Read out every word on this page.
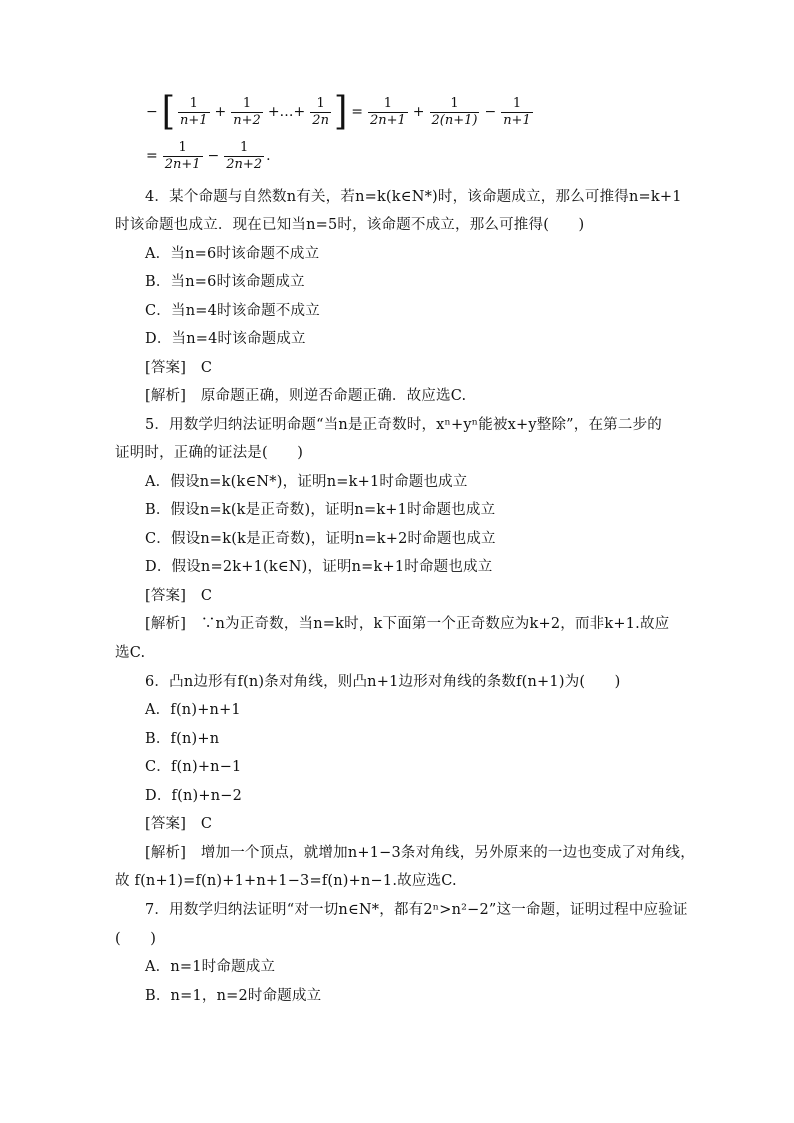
− [ $\frac{1}{n+1} + \frac{1}{n+2}$ +…+ $\frac{1}{2n}$ ] = $\frac{1}{2n+1} + \frac{1}{2(n+1)} - \frac{1}{n+1}$
= $\frac{1}{2n+1} - \frac{1}{2n+2}$ .
4．某个命题与自然数n有关，若n=k(k∈N*)时，该命题成立，那么可推得n=k+1
时该命题也成立．现在已知当n=5时，该命题不成立，那么可推得(　　)
A．当n=6时该命题不成立
B．当n=6时该命题成立
C．当n=4时该命题不成立
D．当n=4时该命题成立
[答案]　C
[解析]　原命题正确，则逆否命题正确．故应选C.
5．用数学归纳法证明命题“当n是正奇数时，xⁿ+yⁿ能被x+y整除”，在第二步的
证明时，正确的证法是(　　)
A．假设n=k(k∈N*)，证明n=k+1时命题也成立
B．假设n=k(k是正奇数)，证明n=k+1时命题也成立
C．假设n=k(k是正奇数)，证明n=k+2时命题也成立
D．假设n=2k+1(k∈N)，证明n=k+1时命题也成立
[答案]　C
[解析]　∵n为正奇数，当n=k时，k下面第一个正奇数应为k+2，而非k+1.故应
选C.
6．凸n边形有f(n)条对角线，则凸n+1边形对角线的条数f(n+1)为(　　)
A．f(n)+n+1
B．f(n)+n
C．f(n)+n−1
D．f(n)+n−2
[答案]　C
[解析]　增加一个顶点，就增加n+1−3条对角线，另外原来的一边也变成了对角线，
故 f(n+1)=f(n)+1+n+1−3=f(n)+n−1.故应选C.
7．用数学归纳法证明“对一切n∈N*，都有2ⁿ>n²−2”这一命题，证明过程中应验证
(　　)
A．n=1时命题成立
B．n=1，n=2时命题成立
